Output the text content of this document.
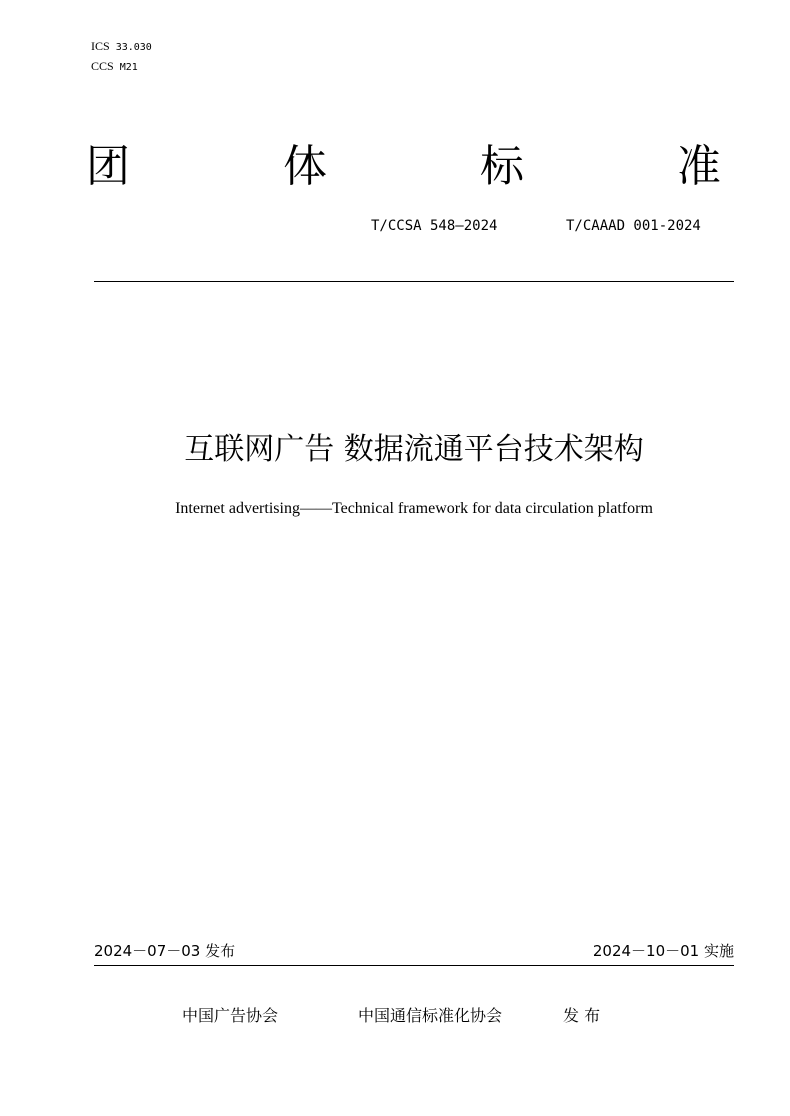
ICS 33.030
CCS M21
团	体	标	准
T/CCSA 548—2024	T/CAAAD 001-2024
互联网广告 数据流通平台技术架构
Internet advertising——Technical framework for data circulation platform
2024－07－03 发布	2024－10－01 实施
中国广告协会	中国通信标准化协会	发 布
